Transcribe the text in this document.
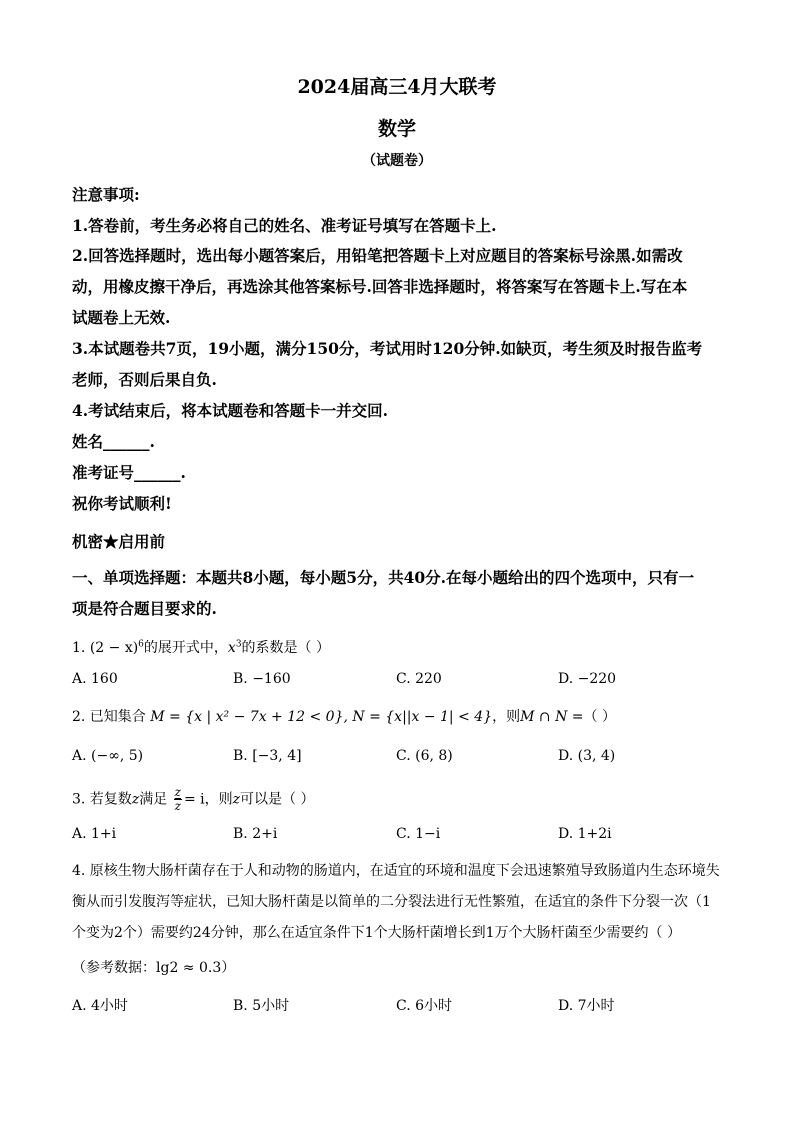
2024届高三4月大联考
数学
（试题卷）
注意事项:
1.答卷前，考生务必将自己的姓名、准考证号填写在答题卡上.
2.回答选择题时，选出每小题答案后，用铅笔把答题卡上对应题目的答案标号涂黑.如需改
动，用橡皮擦干净后，再选涂其他答案标号.回答非选择题时，将答案写在答题卡上.写在本
试题卷上无效.
3.本试题卷共7页，19小题，满分150分，考试用时120分钟.如缺页，考生须及时报告监考
老师，否则后果自负.
4.考试结束后，将本试题卷和答题卡一并交回.
姓名______.
准考证号______.
祝你考试顺利!
机密★启用前
一、单项选择题：本题共8小题，每小题5分，共40分.在每小题给出的四个选项中，只有一
项是符合题目要求的.
1. $(2 - x)^6$的展开式中，$x^3$的系数是（ ）
A. 160	B. −160	C. 220	D. −220
2. 已知集合 M = {x | x² − 7x + 12 < 0}, N = {x||x − 1| < 4}，则M ∩ N =（ ）
A. (−∞, 5)	B. [−3, 4]	C. (6, 8)	D. (3, 4)
3. 若复数z满足 $\frac{z}{z} = i$，则z可以是（ ）
A. 1+i	B. 2+i	C. 1−i	D. 1+2i
4. 原核生物大肠杆菌存在于人和动物的肠道内，在适宜的环境和温度下会迅速繁殖导致肠道内生态环境失
衡从而引发腹泻等症状，已知大肠杆菌是以简单的二分裂法进行无性繁殖，在适宜的条件下分裂一次（1
个变为2个）需要约24分钟，那么在适宜条件下1个大肠杆菌增长到1万个大肠杆菌至少需要约（ ）
（参考数据：lg2 ≈ 0.3）
A. 4小时	B. 5小时	C. 6小时	D. 7小时
